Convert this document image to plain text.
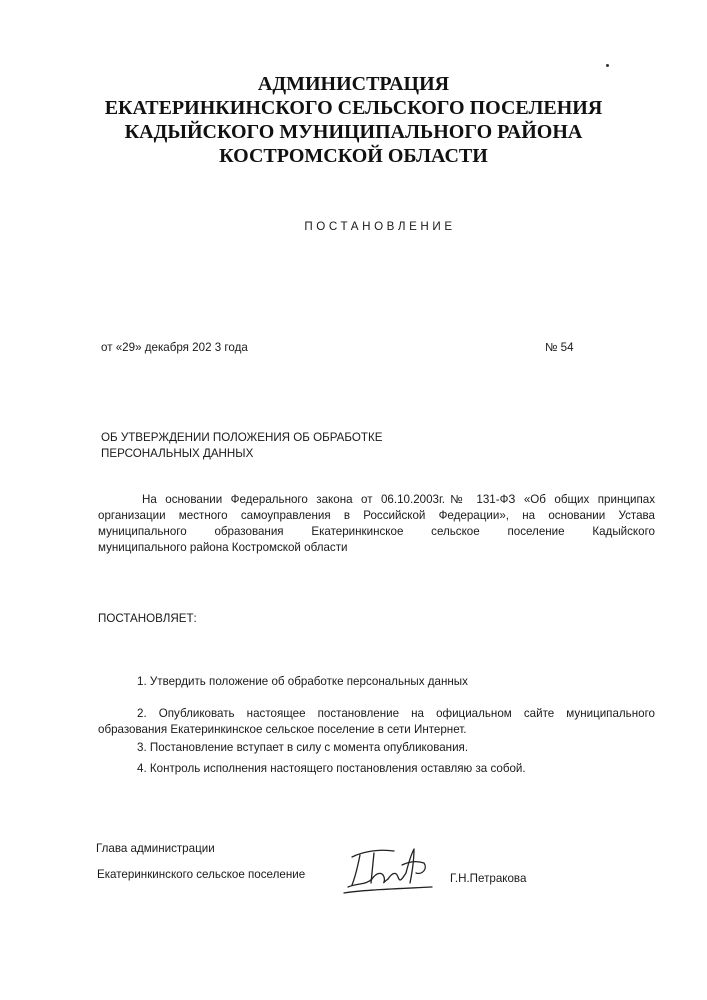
АДМИНИСТРАЦИЯ
ЕКАТЕРИНКИНСКОГО СЕЛЬСКОГО ПОСЕЛЕНИЯ
КАДЫЙСКОГО МУНИЦИПАЛЬНОГО РАЙОНА
КОСТРОМСКОЙ ОБЛАСТИ
ПОСТАНОВЛЕНИЕ
от «29» декабря 202 3 года	№ 54
ОБ УТВЕРЖДЕНИИ ПОЛОЖЕНИЯ ОБ ОБРАБОТКЕ
ПЕРСОНАЛЬНЫХ ДАННЫХ
На основании Федерального закона от 06.10.2003г.№ 131-ФЗ «Об общих принципах
организации местного самоуправления в Российской Федерации», на основании Устава
муниципального образования Екатеринкинское сельское поселение Кадыйского
муниципального района Костромской области
ПОСТАНОВЛЯЕТ:
1. Утвердить положение об обработке персональных данных
2. Опубликовать настоящее постановление на официальном сайте муниципального
образования Екатеринкинское сельское поселение в сети Интернет.
3. Постановление вступает в силу с момента опубликования.
4. Контроль исполнения настоящего постановления оставляю за собой.
Глава администрации
Екатеринкинского сельское поселение	Г.Н.Петракова
